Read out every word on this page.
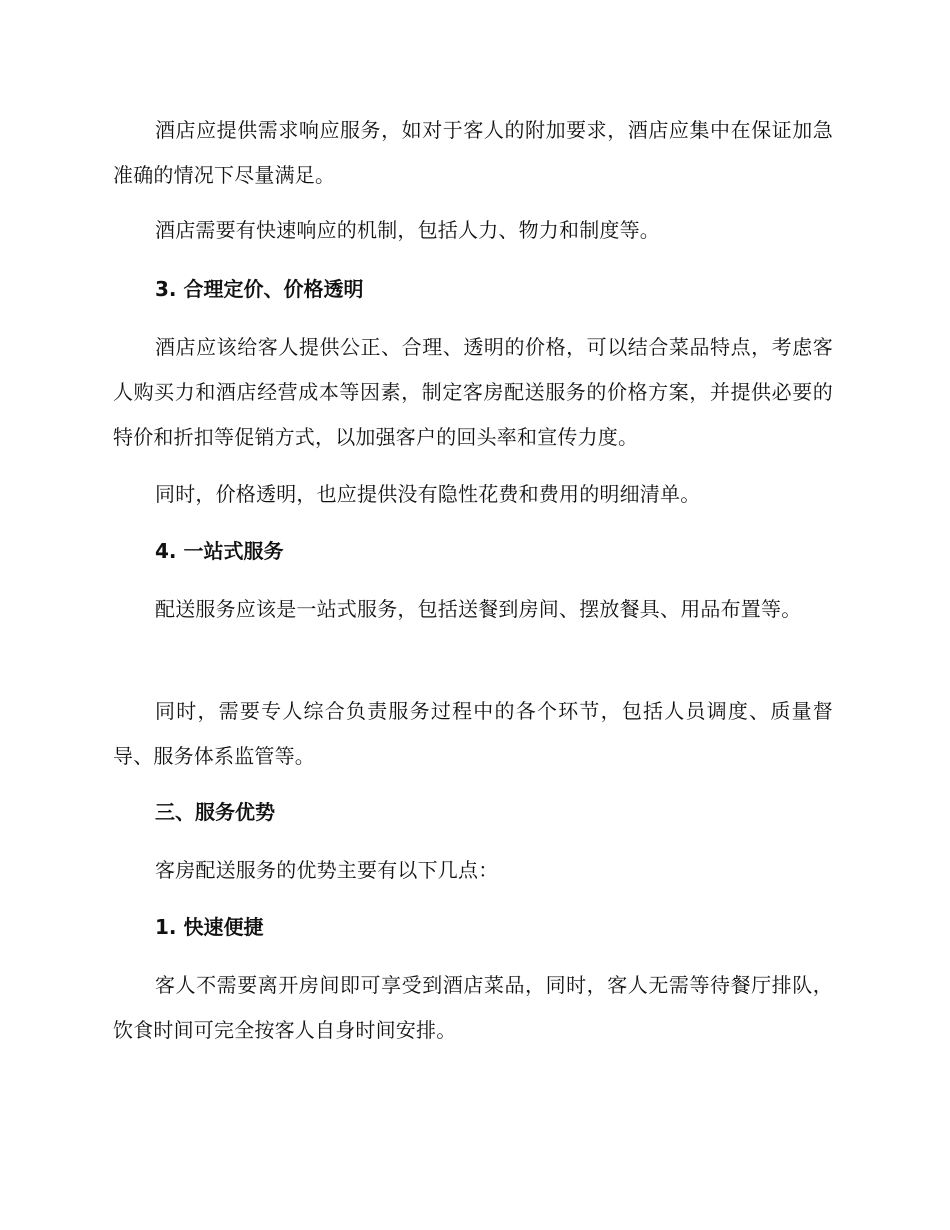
酒店应提供需求响应服务，如对于客人的附加要求，酒店应集中在保证加急准确的情况下尽量满足。

酒店需要有快速响应的机制，包括人力、物力和制度等。

3. 合理定价、价格透明

酒店应该给客人提供公正、合理、透明的价格，可以结合菜品特点，考虑客人购买力和酒店经营成本等因素，制定客房配送服务的价格方案，并提供必要的特价和折扣等促销方式，以加强客户的回头率和宣传力度。

同时，价格透明，也应提供没有隐性花费和费用的明细清单。

4. 一站式服务

配送服务应该是一站式服务，包括送餐到房间、摆放餐具、用品布置等。

同时，需要专人综合负责服务过程中的各个环节，包括人员调度、质量督导、服务体系监管等。

三、服务优势

客房配送服务的优势主要有以下几点：

1. 快速便捷

客人不需要离开房间即可享受到酒店菜品，同时，客人无需等待餐厅排队，饮食时间可完全按客人自身时间安排。
